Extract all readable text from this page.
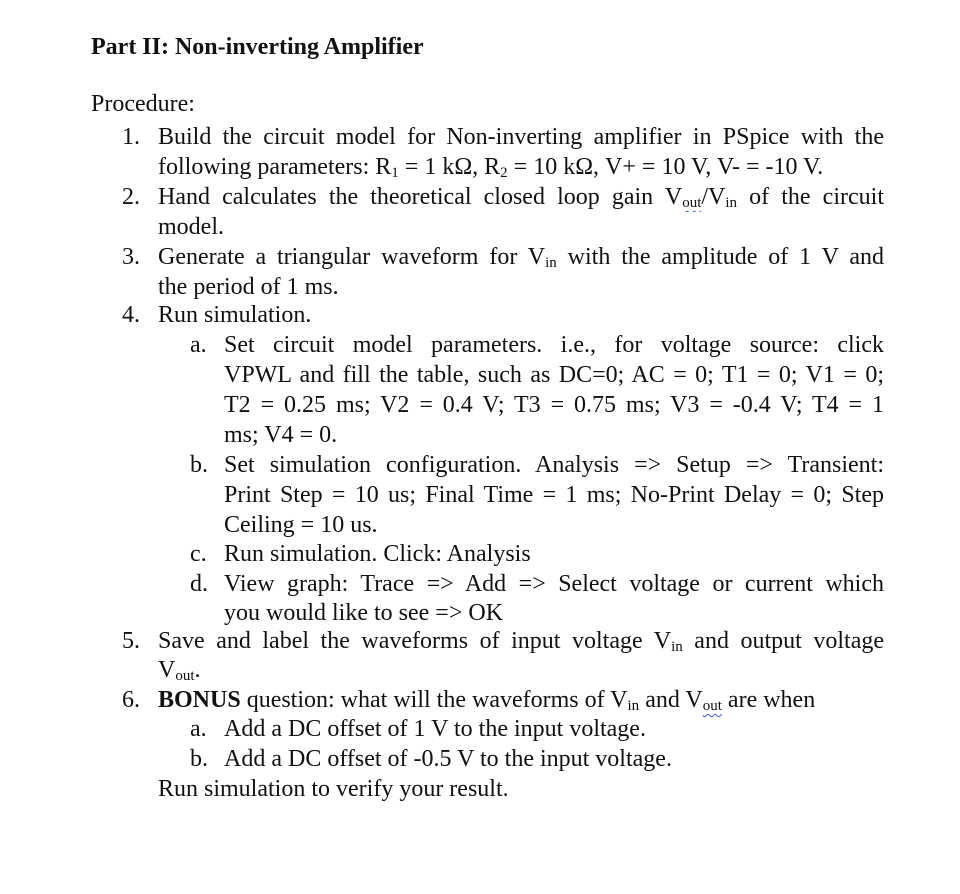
Part II: Non-inverting Amplifier
Procedure:
1. Build the circuit model for Non-inverting amplifier in PSpice with the
following parameters: $R_1 = 1$ kΩ, $R_2 = 10$ kΩ, V+ = 10 V, V- = -10 V.
2. Hand calculates the theoretical closed loop gain $V_{out}/V_{in}$ of the circuit
model.
3. Generate a triangular waveform for $V_{in}$ with the amplitude of 1 V and
the period of 1 ms.
4. Run simulation.
a. Set circuit model parameters. i.e., for voltage source: click
VPWL and fill the table, such as DC=0; AC = 0; T1 = 0; V1 = 0;
T2 = 0.25 ms; V2 = 0.4 V; T3 = 0.75 ms; V3 = -0.4 V; T4 = 1
ms; V4 = 0.
b. Set simulation configuration. Analysis => Setup => Transient:
Print Step = 10 us; Final Time = 1 ms; No-Print Delay = 0; Step
Ceiling = 10 us.
c. Run simulation. Click: Analysis
d. View graph: Trace => Add => Select voltage or current which
you would like to see => OK
5. Save and label the waveforms of input voltage $V_{in}$ and output voltage
$V_{out}$.
6. BONUS question: what will the waveforms of $V_{in}$ and $V_{out}$ are when
a. Add a DC offset of 1 V to the input voltage.
b. Add a DC offset of -0.5 V to the input voltage.
Run simulation to verify your result.
